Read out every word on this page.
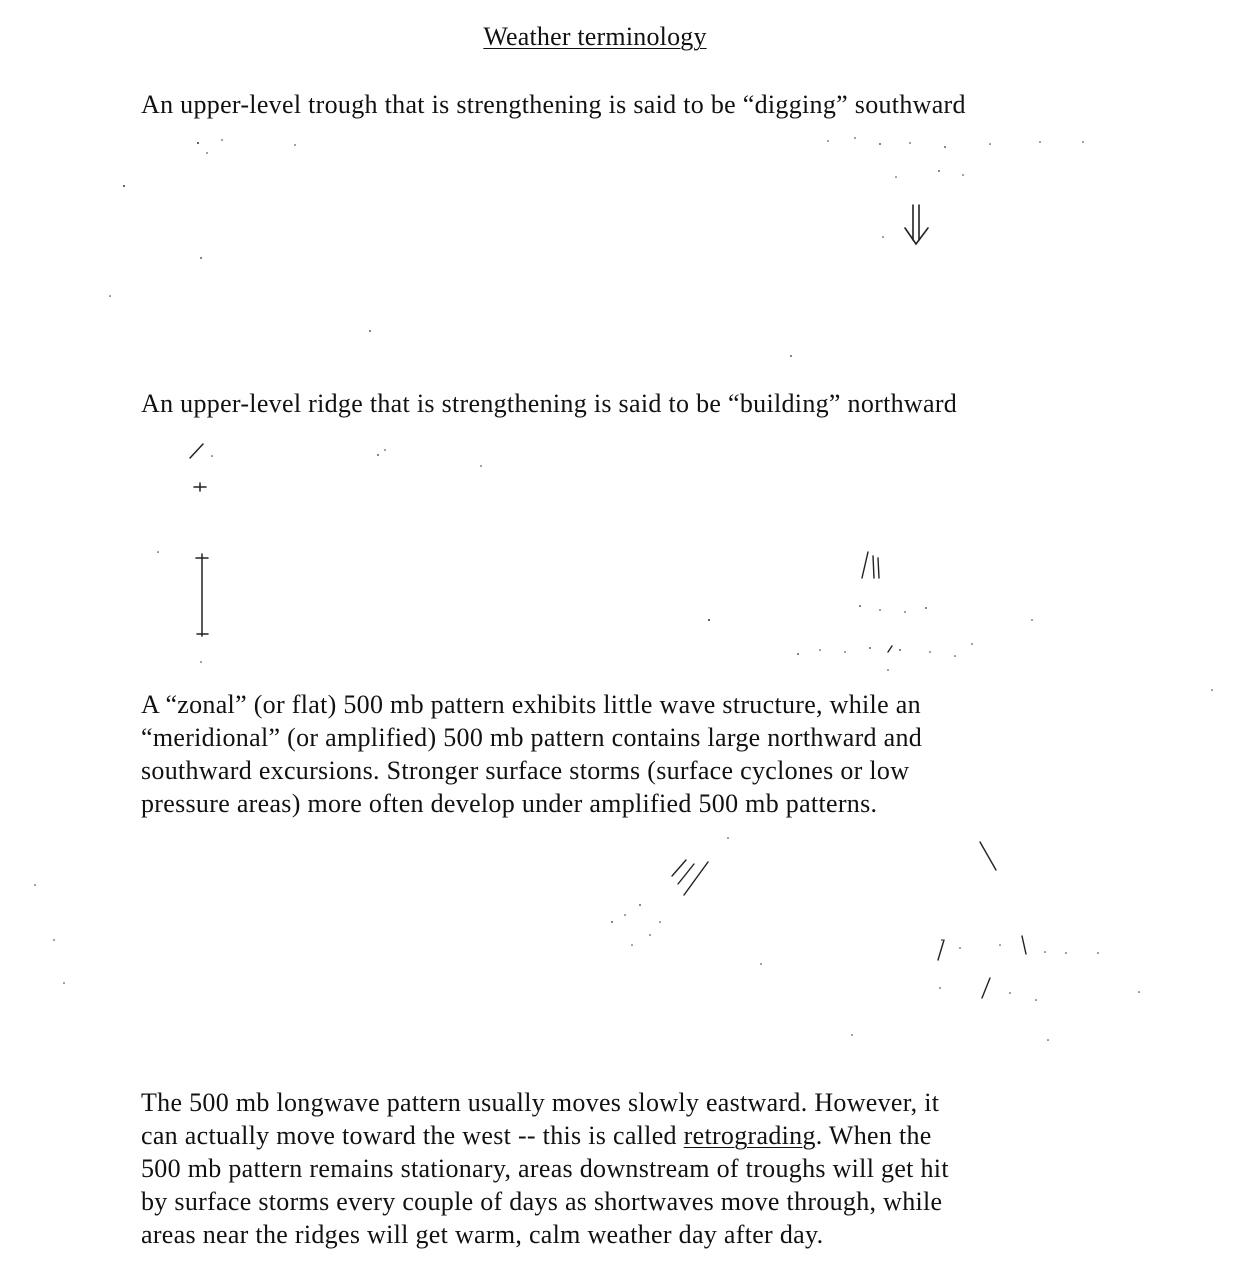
Weather terminology
An upper-level trough that is strengthening is said to be “digging” southward
An upper-level ridge that is strengthening is said to be “building” northward
A “zonal” (or flat) 500 mb pattern exhibits little wave structure, while an
“meridional” (or amplified) 500 mb pattern contains large northward and
southward excursions. Stronger surface storms (surface cyclones or low
pressure areas) more often develop under amplified 500 mb patterns.
The 500 mb longwave pattern usually moves slowly eastward. However, it
can actually move toward the west -- this is called retrograding. When the
500 mb pattern remains stationary, areas downstream of troughs will get hit
by surface storms every couple of days as shortwaves move through, while
areas near the ridges will get warm, calm weather day after day.
